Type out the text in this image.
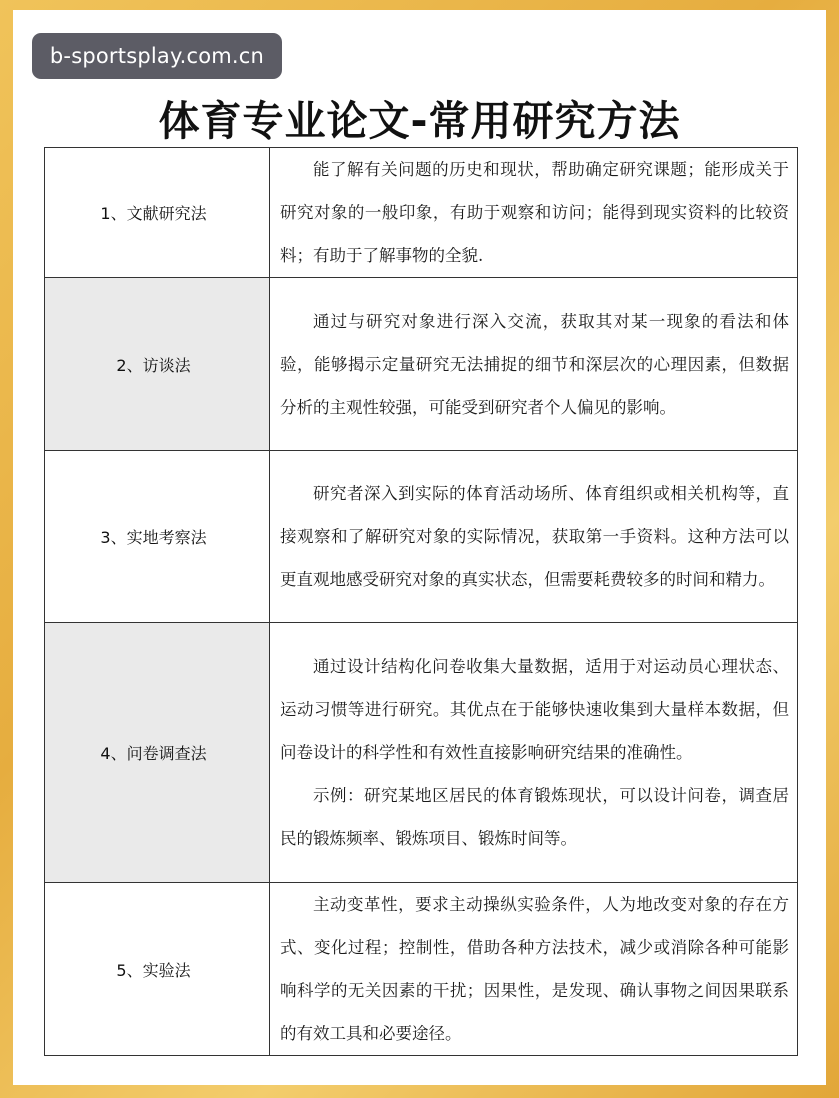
b-sportsplay.com.cn
体育专业论文-常用研究方法
1、文献研究法	能了解有关问题的历史和现状，帮助确定研究课题；能形成关于研究对象的一般印象，有助于观察和访问；能得到现实资料的比较资料；有助于了解事物的全貌.

2、访谈法	通过与研究对象进行深入交流，获取其对某一现象的看法和体验，能够揭示定量研究无法捕捉的细节和深层次的心理因素，但数据分析的主观性较强，可能受到研究者个人偏见的影响。

3、实地考察法	研究者深入到实际的体育活动场所、体育组织或相关机构等，直接观察和了解研究对象的实际情况，获取第一手资料。这种方法可以更直观地感受研究对象的真实状态，但需要耗费较多的时间和精力。

4、问卷调查法	通过设计结构化问卷收集大量数据，适用于对运动员心理状态、运动习惯等进行研究。其优点在于能够快速收集到大量样本数据，但问卷设计的科学性和有效性直接影响研究结果的准确性。

示例：研究某地区居民的体育锻炼现状，可以设计问卷，调查居民的锻炼频率、锻炼项目、锻炼时间等。

5、实验法	主动变革性，要求主动操纵实验条件，人为地改变对象的存在方式、变化过程；控制性，借助各种方法技术，减少或消除各种可能影响科学的无关因素的干扰；因果性，是发现、确认事物之间因果联系的有效工具和必要途径。
